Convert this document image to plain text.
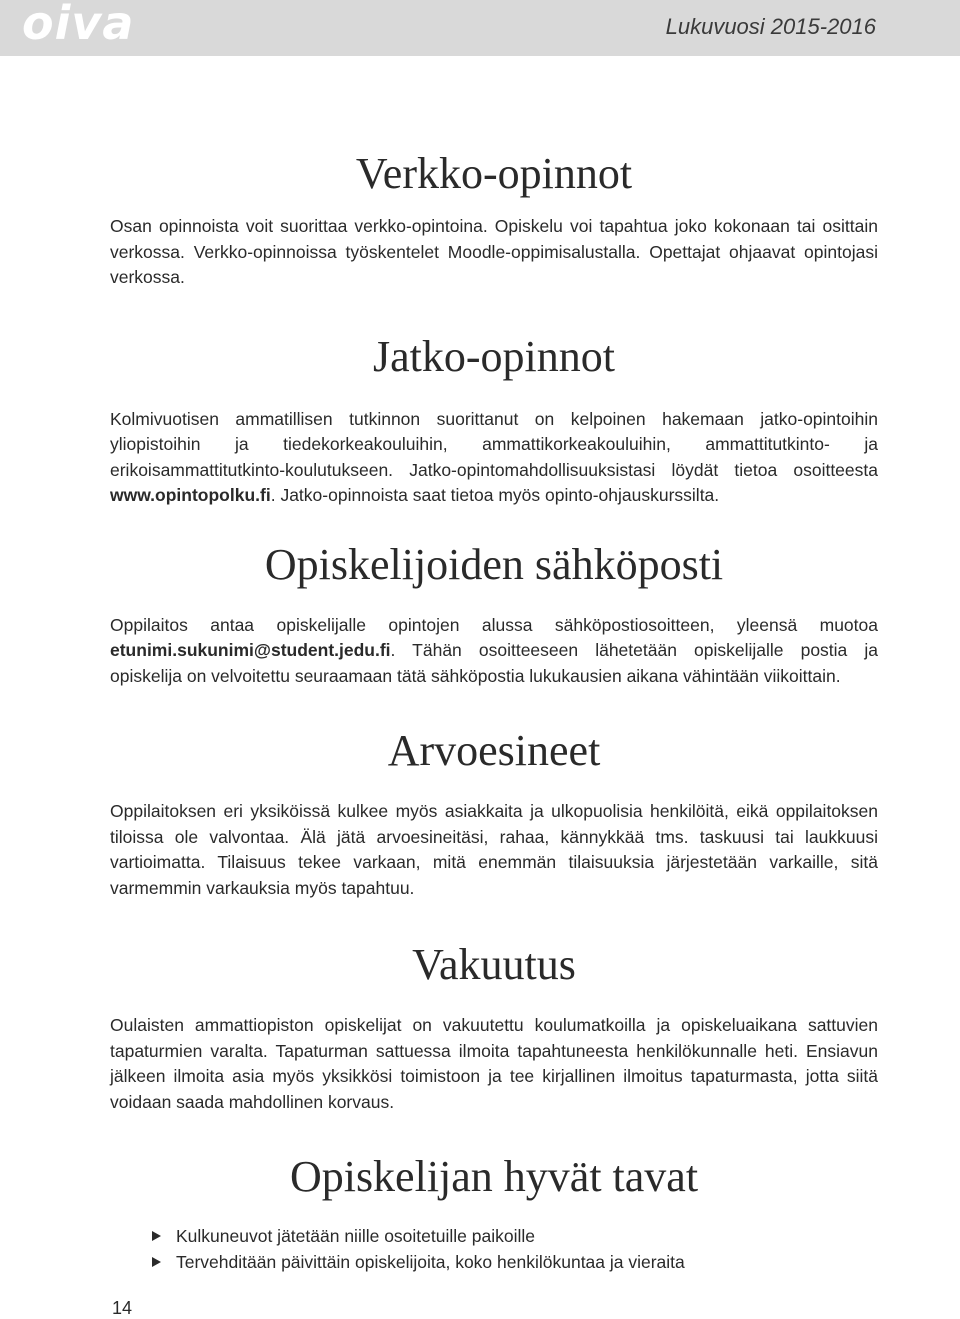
oiva	Lukuvuosi 2015-2016
Verkko-opinnot

Osan opinnoista voit suorittaa verkko-opintoina. Opiskelu voi tapahtua joko kokonaan tai osittain verkossa. Verkko-opinnoissa työskentelet Moodle-oppimisalustalla. Opettajat ohjaavat opintojasi verkossa.

Jatko-opinnot

Kolmivuotisen ammatillisen tutkinnon suorittanut on kelpoinen hakemaan jatko-opintoihin yliopistoihin ja tiedekorkeakouluihin, ammattikorkeakouluihin, ammattitutkinto- ja erikoisammattitutkinto-koulutukseen. Jatko-opintomahdollisuuksistasi löydät tietoa osoitteesta www.opintopolku.fi. Jatko-opinnoista saat tietoa myös opinto-ohjauskurssilta.

Opiskelijoiden sähköposti

Oppilaitos antaa opiskelijalle opintojen alussa sähköpostiosoitteen, yleensä muotoa etunimi.sukunimi@student.jedu.fi. Tähän osoitteeseen lähetetään opiskelijalle postia ja opiskelija on velvoitettu seuraamaan tätä sähköpostia lukukausien aikana vähintään viikoittain.

Arvoesineet

Oppilaitoksen eri yksiköissä kulkee myös asiakkaita ja ulkopuolisia henkilöitä, eikä oppilaitoksen tiloissa ole valvontaa. Älä jätä arvoesineitäsi, rahaa, kännykkää tms. taskuusi tai laukkuusi vartioimatta. Tilaisuus tekee varkaan, mitä enemmän tilaisuuksia järjestetään varkaille, sitä varmemmin varkauksia myös tapahtuu.

Vakuutus

Oulaisten ammattiopiston opiskelijat on vakuutettu koulumatkoilla ja opiskeluaikana sattuvien tapaturmien varalta. Tapaturman sattuessa ilmoita tapahtuneesta henkilökunnalle heti. Ensiavun jälkeen ilmoita asia myös yksikkösi toimistoon ja tee kirjallinen ilmoitus tapaturmasta, jotta siitä voidaan saada mahdollinen korvaus.

Opiskelijan hyvät tavat
Kulkuneuvot jätetään niille osoitetuille paikoille
Tervehditään päivittäin opiskelijoita, koko henkilökuntaa ja vieraita
14
